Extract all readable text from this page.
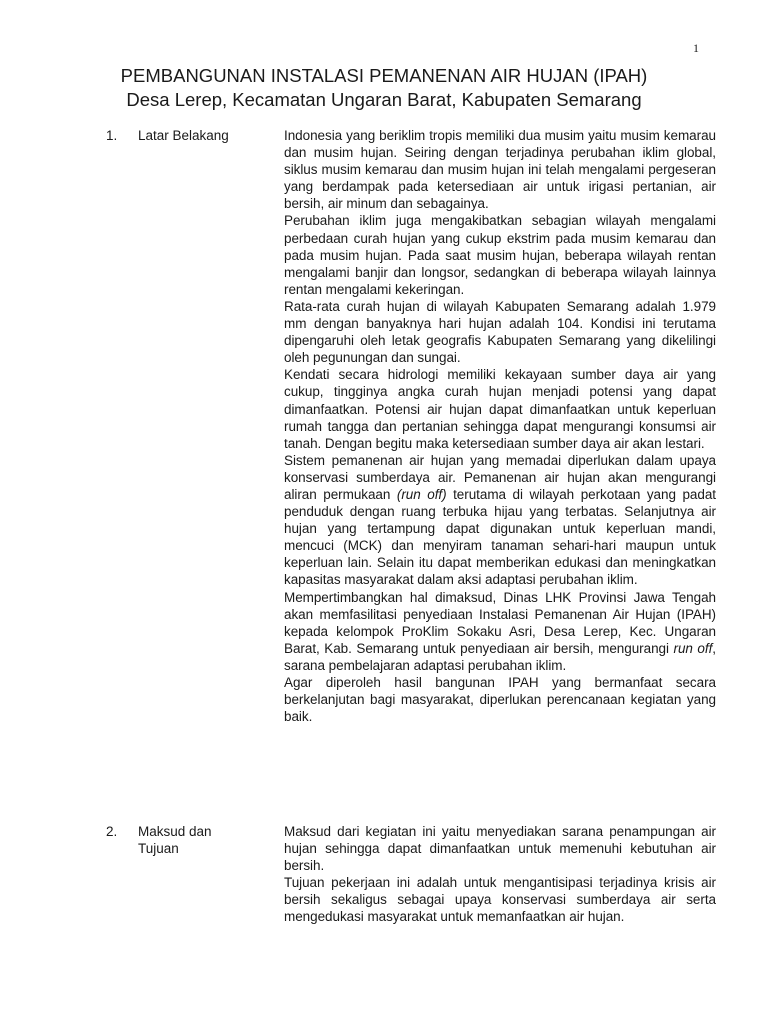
1
PEMBANGUNAN INSTALASI PEMANENAN AIR HUJAN (IPAH)
Desa Lerep, Kecamatan Ungaran Barat, Kabupaten Semarang
1. Latar Belakang	Indonesia yang beriklim tropis memiliki dua musim yaitu musim kemarau dan musim hujan. Seiring dengan terjadinya perubahan iklim global, siklus musim kemarau dan musim hujan ini telah mengalami pergeseran yang berdampak pada ketersediaan air untuk irigasi pertanian, air bersih, air minum dan sebagainya.

Perubahan iklim juga mengakibatkan sebagian wilayah mengalami perbedaan curah hujan yang cukup ekstrim pada musim kemarau dan pada musim hujan. Pada saat musim hujan, beberapa wilayah rentan mengalami banjir dan longsor, sedangkan di beberapa wilayah lainnya rentan mengalami kekeringan.

Rata-rata curah hujan di wilayah Kabupaten Semarang adalah 1.979 mm dengan banyaknya hari hujan adalah 104. Kondisi ini terutama dipengaruhi oleh letak geografis Kabupaten Semarang yang dikelilingi oleh pegunungan dan sungai.

Kendati secara hidrologi memiliki kekayaan sumber daya air yang cukup, tingginya angka curah hujan menjadi potensi yang dapat dimanfaatkan. Potensi air hujan dapat dimanfaatkan untuk keperluan rumah tangga dan pertanian sehingga dapat mengurangi konsumsi air tanah. Dengan begitu maka ketersediaan sumber daya air akan lestari.

Sistem pemanenan air hujan yang memadai diperlukan dalam upaya konservasi sumberdaya air. Pemanenan air hujan akan mengurangi aliran permukaan (run off) terutama di wilayah perkotaan yang padat penduduk dengan ruang terbuka hijau yang terbatas. Selanjutnya air hujan yang tertampung dapat digunakan untuk keperluan mandi, mencuci (MCK) dan menyiram tanaman sehari-hari maupun untuk keperluan lain. Selain itu dapat memberikan edukasi dan meningkatkan kapasitas masyarakat dalam aksi adaptasi perubahan iklim.

Mempertimbangkan hal dimaksud, Dinas LHK Provinsi Jawa Tengah akan memfasilitasi penyediaan Instalasi Pemanenan Air Hujan (IPAH) kepada kelompok ProKlim Sokaku Asri, Desa Lerep, Kec. Ungaran Barat, Kab. Semarang untuk penyediaan air bersih, mengurangi run off, sarana pembelajaran adaptasi perubahan iklim.

Agar diperoleh hasil bangunan IPAH yang bermanfaat secara berkelanjutan bagi masyarakat, diperlukan perencanaan kegiatan yang baik.

2. Maksud dan Tujuan

Maksud dari kegiatan ini yaitu menyediakan sarana penampungan air hujan sehingga dapat dimanfaatkan untuk memenuhi kebutuhan air bersih.

Tujuan pekerjaan ini adalah untuk mengantisipasi terjadinya krisis air bersih sekaligus sebagai upaya konservasi sumberdaya air serta mengedukasi masyarakat untuk memanfaatkan air hujan.
